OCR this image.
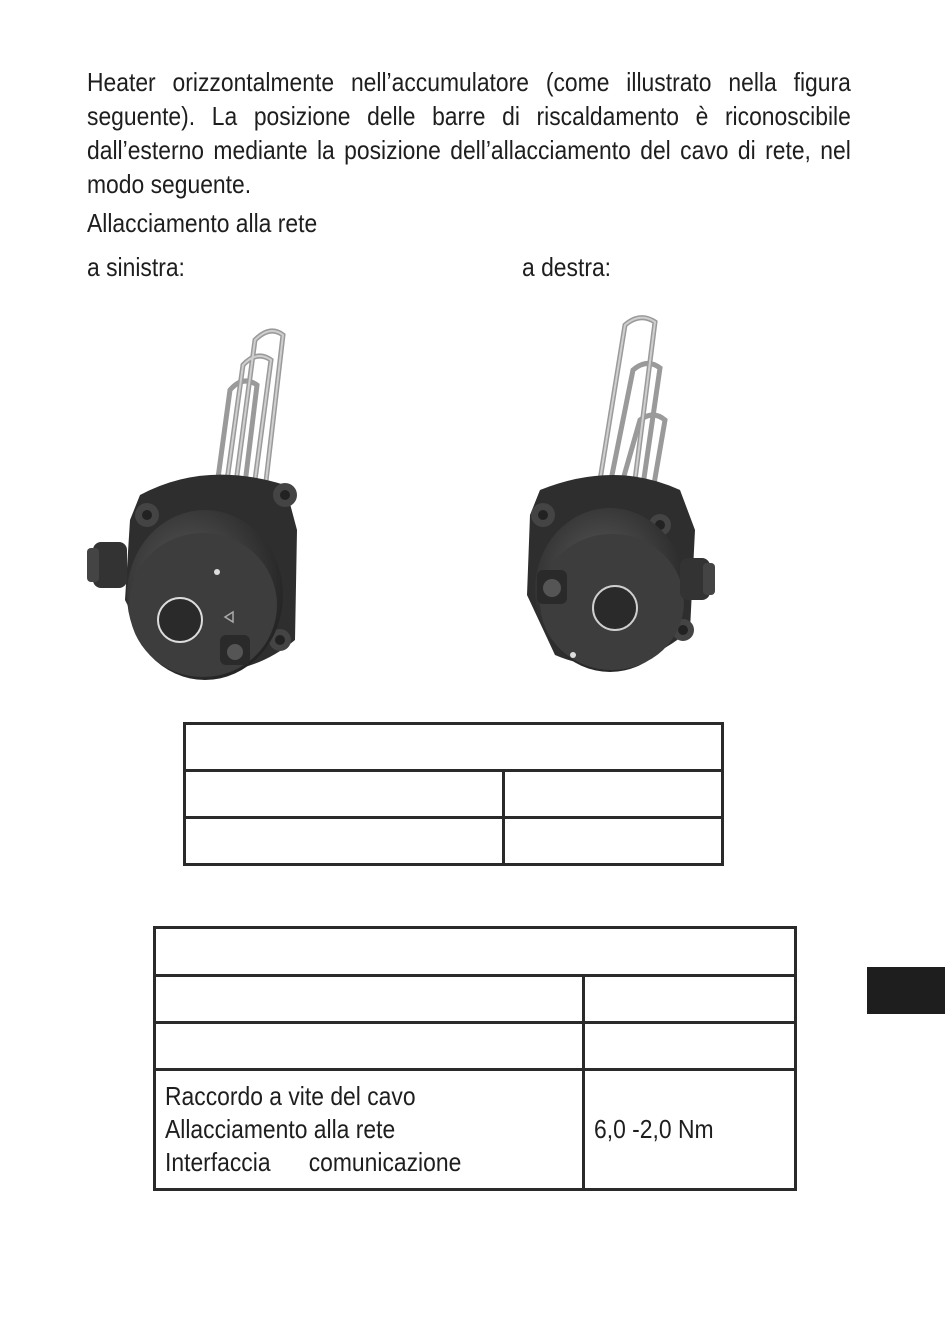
Heater orizzontalmente nell’accumulatore (come illustrato nella figura seguente). La posizione delle barre di riscaldamento è riconoscibile dall’esterno mediante la posizione dell’allacciamento del cavo di rete, nel modo seguente.
Allacciamento alla rete
a sinistra:	a destra:

Raccordo a vite del cavo
Allacciamento alla rete
Interfaccia      comunicazione	6,0 -2,0 Nm
